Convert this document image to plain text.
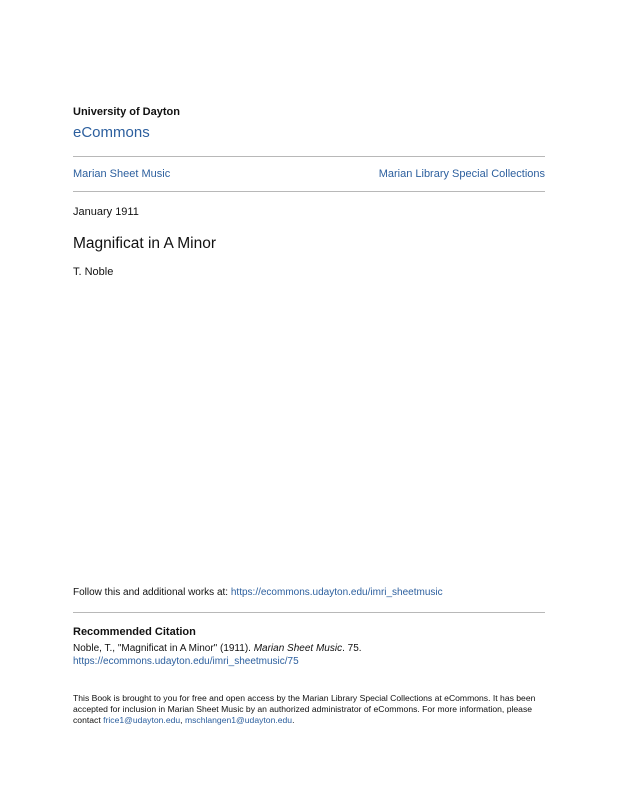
University of Dayton
eCommons
Marian Sheet Music	Marian Library Special Collections
January 1911
Magnificat in A Minor
T. Noble
Follow this and additional works at: https://ecommons.udayton.edu/imri_sheetmusic
Recommended Citation
Noble, T., "Magnificat in A Minor" (1911). Marian Sheet Music. 75.
https://ecommons.udayton.edu/imri_sheetmusic/75
This Book is brought to you for free and open access by the Marian Library Special Collections at eCommons. It has been accepted for inclusion in Marian Sheet Music by an authorized administrator of eCommons. For more information, please contact frice1@udayton.edu, mschlangen1@udayton.edu.
